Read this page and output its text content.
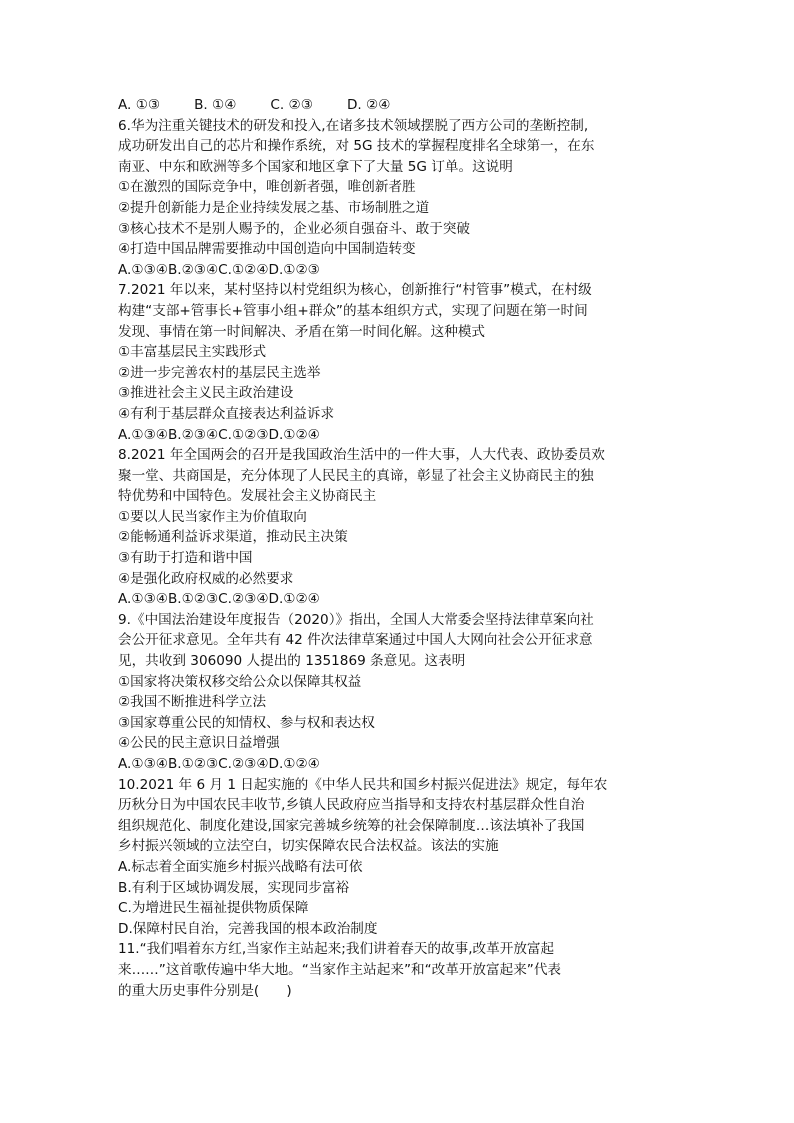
A. ①③	B. ①④	C. ②③	D. ②④
6.华为注重关键技术的研发和投入,在诸多技术领域摆脱了西方公司的垄断控制,
成功研发出自己的芯片和操作系统，对 5G 技术的掌握程度排名全球第一，在东
南亚、中东和欧洲等多个国家和地区拿下了大量 5G 订单。这说明
①在激烈的国际竞争中，唯创新者强，唯创新者胜
②提升创新能力是企业持续发展之基、市场制胜之道
③核心技术不是别人赐予的，企业必须自强奋斗、敢于突破
④打造中国品牌需要推动中国创造向中国制造转变
A.①③④B.②③④C.①②④D.①②③
7.2021 年以来，某村坚持以村党组织为核心，创新推行“村管事”模式，在村级
构建“支部+管事长+管事小组+群众”的基本组织方式，实现了问题在第一时间
发现、事情在第一时间解决、矛盾在第一时间化解。这种模式
①丰富基层民主实践形式
②进一步完善农村的基层民主选举
③推进社会主义民主政治建设
④有利于基层群众直接表达利益诉求
A.①③④B.②③④C.①②③D.①②④
8.2021 年全国两会的召开是我国政治生活中的一件大事，人大代表、政协委员欢
聚一堂、共商国是，充分体现了人民民主的真谛，彰显了社会主义协商民主的独
特优势和中国特色。发展社会主义协商民主
①要以人民当家作主为价值取向
②能畅通利益诉求渠道，推动民主决策
③有助于打造和谐中国
④是强化政府权威的必然要求
A.①③④B.①②③C.②③④D.①②④
9.《中国法治建设年度报告（2020）》指出，全国人大常委会坚持法律草案向社
会公开征求意见。全年共有 42 件次法律草案通过中国人大网向社会公开征求意
见，共收到 306090 人提出的 1351869 条意见。这表明
①国家将决策权移交给公众以保障其权益
②我国不断推进科学立法
③国家尊重公民的知情权、参与权和表达权
④公民的民主意识日益增强
A.①③④B.①②③C.②③④D.①②④
10.2021 年 6 月 1 日起实施的《中华人民共和国乡村振兴促进法》规定，每年农
历秋分日为中国农民丰收节,乡镇人民政府应当指导和支持农村基层群众性自治
组织规范化、制度化建设,国家完善城乡统筹的社会保障制度…该法填补了我国
乡村振兴领域的立法空白，切实保障农民合法权益。该法的实施
A.标志着全面实施乡村振兴战略有法可依
B.有利于区域协调发展，实现同步富裕
C.为增进民生福祉提供物质保障
D.保障村民自治，完善我国的根本政治制度
11.“我们唱着东方红,当家作主站起来;我们讲着春天的故事,改革开放富起
来……”这首歌传遍中华大地。“当家作主站起来”和“改革开放富起来”代表
的重大历史事件分别是(　　)
